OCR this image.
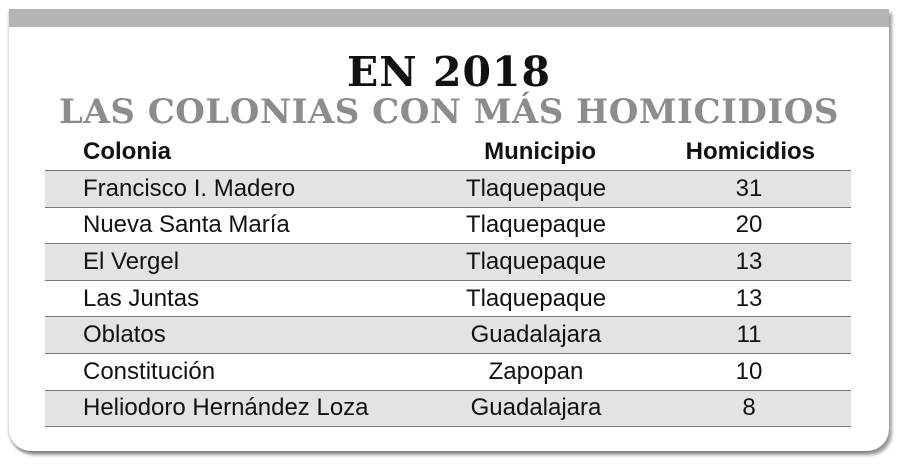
EN 2018
LAS COLONIAS CON MÁS HOMICIDIOS
Colonia	Municipio	Homicidios
Francisco I. Madero	Tlaquepaque	31
Nueva Santa María	Tlaquepaque	20
El Vergel	Tlaquepaque	13
Las Juntas	Tlaquepaque	13
Oblatos	Guadalajara	11
Constitución	Zapopan	10
Heliodoro Hernández Loza	Guadalajara	8
